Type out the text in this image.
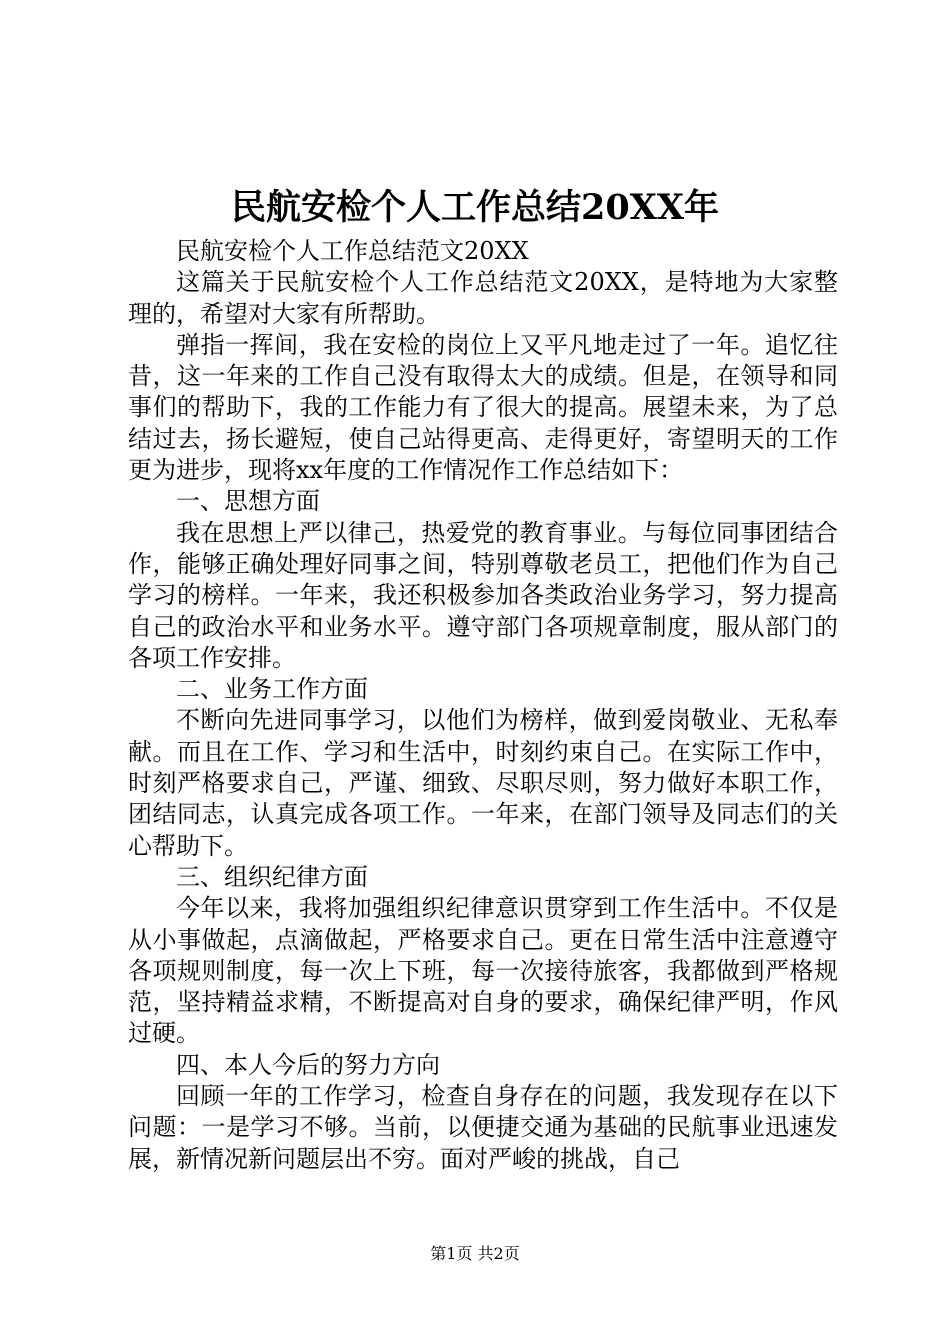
民航安检个人工作总结20XX年

民航安检个人工作总结范文20XX

这篇关于民航安检个人工作总结范文20XX，是特地为大家整理的，希望对大家有所帮助。

弹指一挥间，我在安检的岗位上又平凡地走过了一年。追忆往昔，这一年来的工作自己没有取得太大的成绩。但是，在领导和同事们的帮助下，我的工作能力有了很大的提高。展望未来，为了总结过去，扬长避短，使自己站得更高、走得更好，寄望明天的工作更为进步，现将xx年度的工作情况作工作总结如下：

一、思想方面

我在思想上严以律己，热爱党的教育事业。与每位同事团结合作，能够正确处理好同事之间，特别尊敬老员工，把他们作为自己学习的榜样。一年来，我还积极参加各类政治业务学习，努力提高自己的政治水平和业务水平。遵守部门各项规章制度，服从部门的各项工作安排。

二、业务工作方面

不断向先进同事学习，以他们为榜样，做到爱岗敬业、无私奉献。而且在工作、学习和生活中，时刻约束自己。在实际工作中，时刻严格要求自己，严谨、细致、尽职尽则，努力做好本职工作，团结同志，认真完成各项工作。一年来，在部门领导及同志们的关心帮助下。

三、组织纪律方面

今年以来，我将加强组织纪律意识贯穿到工作生活中。不仅是从小事做起，点滴做起，严格要求自己。更在日常生活中注意遵守各项规则制度，每一次上下班，每一次接待旅客，我都做到严格规范，坚持精益求精，不断提高对自身的要求，确保纪律严明，作风过硬。

四、本人今后的努力方向

回顾一年的工作学习，检查自身存在的问题，我发现存在以下问题：一是学习不够。当前，以便捷交通为基础的民航事业迅速发展，新情况新问题层出不穷。面对严峻的挑战，自己

第1页 共2页
